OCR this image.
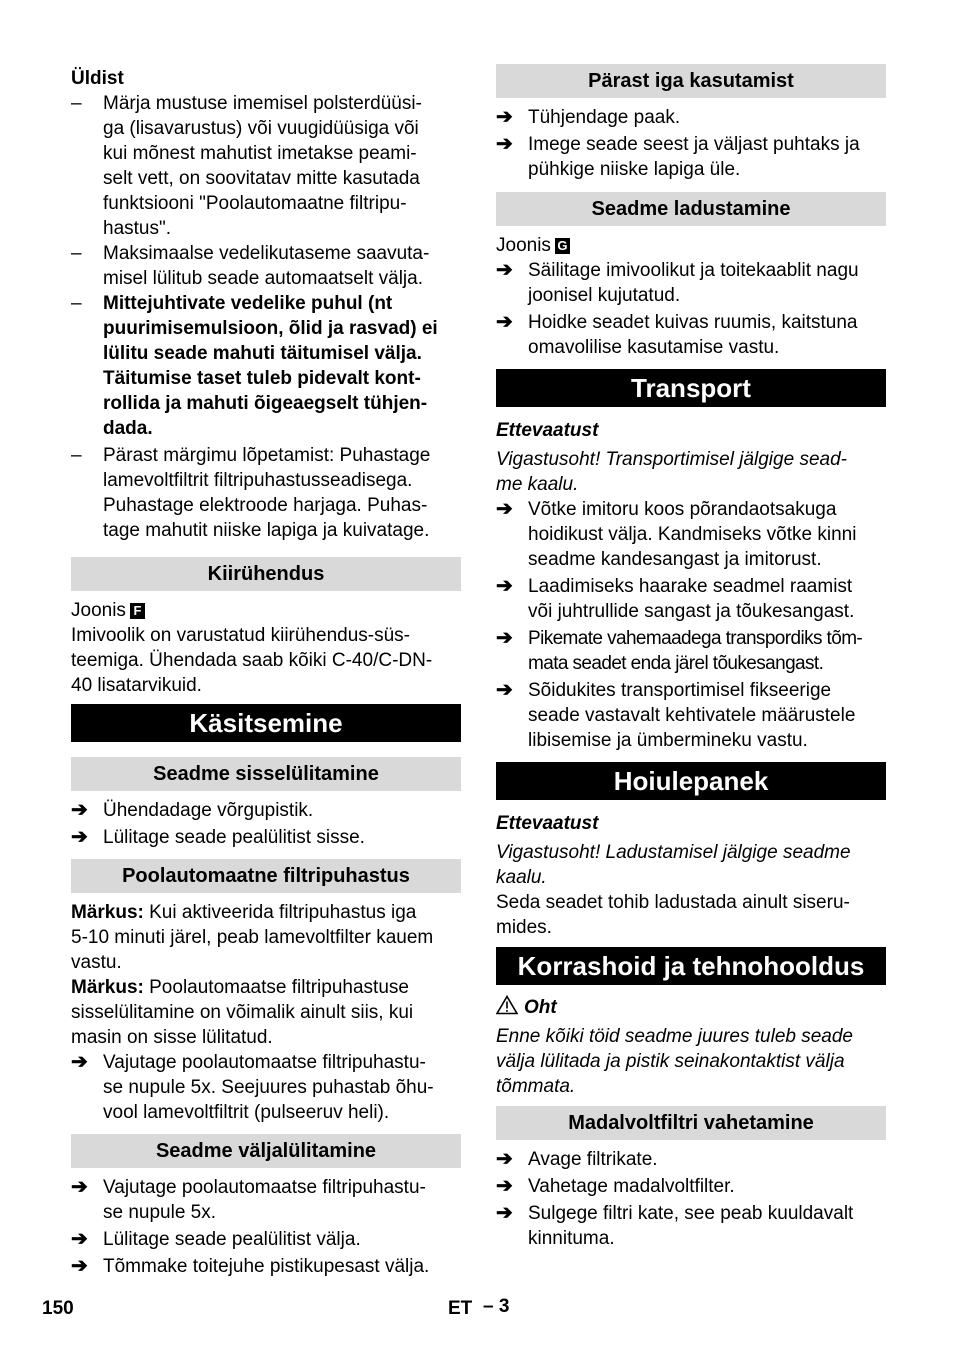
Üldist
–	Märja mustuse imemisel polsterdüüsi-
ga (lisavarustus) või vuugidüüsiga või
kui mõnest mahutist imetakse peami-
selt vett, on soovitatav mitte kasutada
funktsiooni "Poolautomaatne filtripu-
hastus".
–	Maksimaalse vedelikutaseme saavuta-
misel lülitub seade automaatselt välja.
–	Mittejuhtivate vedelike puhul (nt
puurimisemulsioon, õlid ja rasvad) ei
lülitu seade mahuti täitumisel välja.
Täitumise taset tuleb pidevalt kont-
rollida ja mahuti õigeaegselt tühjen-
dada.
–	Pärast märgimu lõpetamist: Puhastage
lamevoltfiltrit filtripuhastusseadisega.
Puhastage elektroode harjaga. Puhas-
tage mahutit niiske lapiga ja kuivatage.
Kiirühendus
Joonis F
Imivoolik on varustatud kiirühendus-süs-
teemiga. Ühendada saab kõiki C-40/C-DN-
40 lisatarvikuid.
Käsitsemine
Seadme sisselülitamine
➔ Ühendadage võrgupistik.
➔ Lülitage seade pealülitist sisse.
Poolautomaatne filtripuhastus
Märkus: Kui aktiveerida filtripuhastus iga
5-10 minuti järel, peab lamevoltfilter kauem
vastu.
Märkus: Poolautomaatse filtripuhastuse
sisselülitamine on võimalik ainult siis, kui
masin on sisse lülitatud.
➔ Vajutage poolautomaatse filtripuhastu-
se nupule 5x. Seejuures puhastab õhu-
vool lamevoltfiltrit (pulseeruv heli).
Seadme väljalülitamine
➔ Vajutage poolautomaatse filtripuhastu-
se nupule 5x.
➔ Lülitage seade pealülitist välja.
➔ Tõmmake toitejuhe pistikupesast välja.
Pärast iga kasutamist
➔ Tühjendage paak.
➔ Imege seade seest ja väljast puhtaks ja
pühkige niiske lapiga üle.
Seadme ladustamine
Joonis G
➔ Säilitage imivoolikut ja toitekaablit nagu
joonisel kujutatud.
➔ Hoidke seadet kuivas ruumis, kaitstuna
omavolilise kasutamise vastu.
Transport
Ettevaatust
Vigastusoht! Transportimisel jälgige sead-
me kaalu.
➔ Võtke imitoru koos põrandaotsakuga
hoidikust välja. Kandmiseks võtke kinni
seadme kandesangast ja imitorust.
➔ Laadimiseks haarake seadmel raamist
või juhtrullide sangast ja tõukesangast.
➔ Pikemate vahemaadega transpordiks tõm-
mata seadet enda järel tõukesangast.
➔ Sõidukites transportimisel fikseerige
seade vastavalt kehtivatele määrustele
libisemise ja ümbermineku vastu.
Hoiulepanek
Ettevaatust
Vigastusoht! Ladustamisel jälgige seadme
kaalu.
Seda seadet tohib ladustada ainult siseru-
mides.
Korrashoid ja tehnohooldus
Oht
Enne kõiki töid seadme juures tuleb seade
välja lülitada ja pistik seinakontaktist välja
tõmmata.
Madalvoltfiltri vahetamine
➔ Avage filtrikate.
➔ Vahetage madalvoltfilter.
➔ Sulgege filtri kate, see peab kuuldavalt
kinnituma.
150	ET – 3
